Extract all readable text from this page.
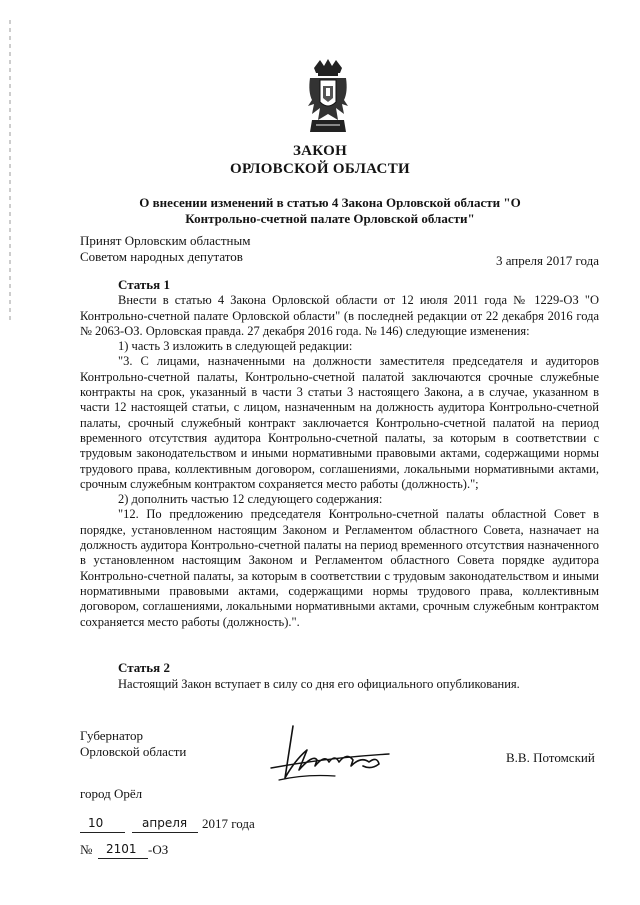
ЗАКОН
ОРЛОВСКОЙ ОБЛАСТИ
О внесении изменений в статью 4 Закона Орловской области "О Контрольно-счетной палате Орловской области"
Принят Орловским областным
Советом народных депутатов	3 апреля 2017 года

Статья 1

Внести в статью 4 Закона Орловской области от 12 июля 2011 года № 1229-ОЗ "О Контрольно-счетной палате Орловской области" (в последней редакции от 22 декабря 2016 года № 2063-ОЗ. Орловская правда. 27 декабря 2016 года. № 146) следующие изменения:

1) часть 3 изложить в следующей редакции:

"3. С лицами, назначенными на должности заместителя председателя и аудиторов Контрольно-счетной палаты, Контрольно-счетной палатой заключаются срочные служебные контракты на срок, указанный в части 3 статьи 3 настоящего Закона, а в случае, указанном в части 12 настоящей статьи, с лицом, назначенным на должность аудитора Контрольно-счетной палаты, срочный служебный контракт заключается Контрольно-счетной палатой на период временного отсутствия аудитора Контрольно-счетной палаты, за которым в соответствии с трудовым законодательством и иными нормативными правовыми актами, содержащими нормы трудового права, коллективным договором, соглашениями, локальными нормативными актами, срочным служебным контрактом сохраняется место работы (должность).";

2) дополнить частью 12 следующего содержания:

"12. По предложению председателя Контрольно-счетной палаты областной Совет в порядке, установленном настоящим Законом и Регламентом областного Совета, назначает на должность аудитора Контрольно-счетной палаты на период временного отсутствия назначенного в установленном настоящим Законом и Регламентом областного Совета порядке аудитора Контрольно-счетной палаты, за которым в соответствии с трудовым законодательством и иными нормативными правовыми актами, содержащими нормы трудового права, коллективным договором, соглашениями, локальными нормативными актами, срочным служебным контрактом сохраняется место работы (должность).".

Статья 2

Настоящий Закон вступает в силу со дня его официального опубликования.

Губернатор
Орловской области	В.В. Потомский
город Орёл
10	апреля 2017 года
№ 2101 -ОЗ
